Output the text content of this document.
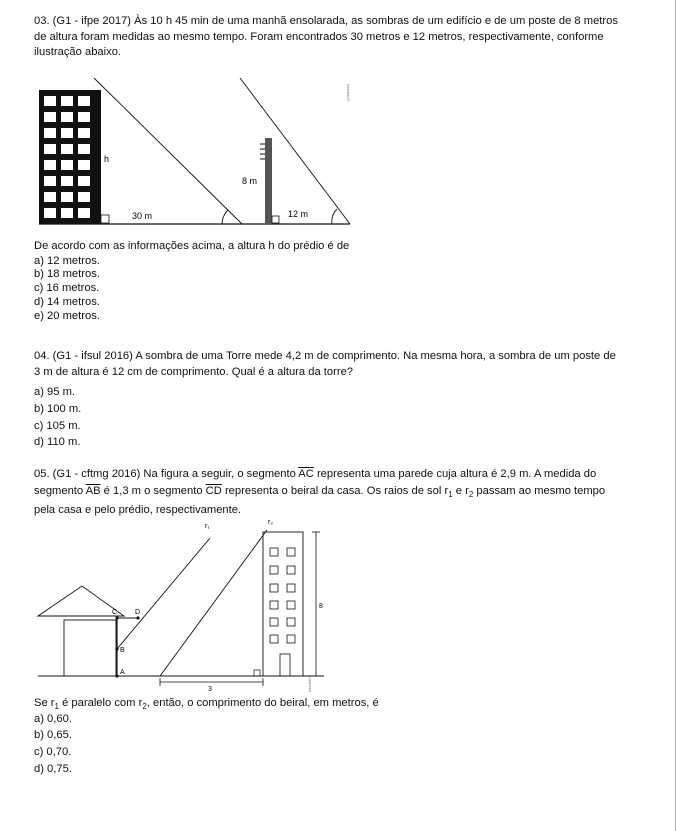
03. (G1 - ifpe 2017) Às 10 h 45 min de uma manhã ensolarada, as sombras de um edifício e de um poste de 8 metros
de altura foram medidas ao mesmo tempo. Foram encontrados 30 metros e 12 metros, respectivamente, conforme
ilustração abaixo.
h
30 m
8 m
12 m
Interbits®
De acordo com as informações acima, a altura h do prédio é de
a) 12 metros.
b) 18 metros.
c) 16 metros.
d) 14 metros.
e) 20 metros.
04. (G1 - ifsul 2016) A sombra de uma Torre mede 4,2 m de comprimento. Na mesma hora, a sombra de um poste de
3 m de altura é 12 cm de comprimento. Qual é a altura da torre?
a) 95 m.
b) 100 m.
c) 105 m.
d) 110 m.
05. (G1 - cftmg 2016) Na figura a seguir, o segmento $\overline{AC}$ representa uma parede cuja altura é 2,9 m. A medida do
segmento $\overline{AB}$ é 1,3 m o segmento $\overline{CD}$ representa o beiral da casa. Os raios de sol $r_1$ e $r_2$ passam ao mesmo tempo
pela casa e pelo prédio, respectivamente.
C	D
B
A
r₁
r₂
8
3	Interbits®
Se $r_1$ é paralelo com $r_2$, então, o comprimento do beiral, em metros, é
a) 0,60.
b) 0,65.
c) 0,70.
d) 0,75.
